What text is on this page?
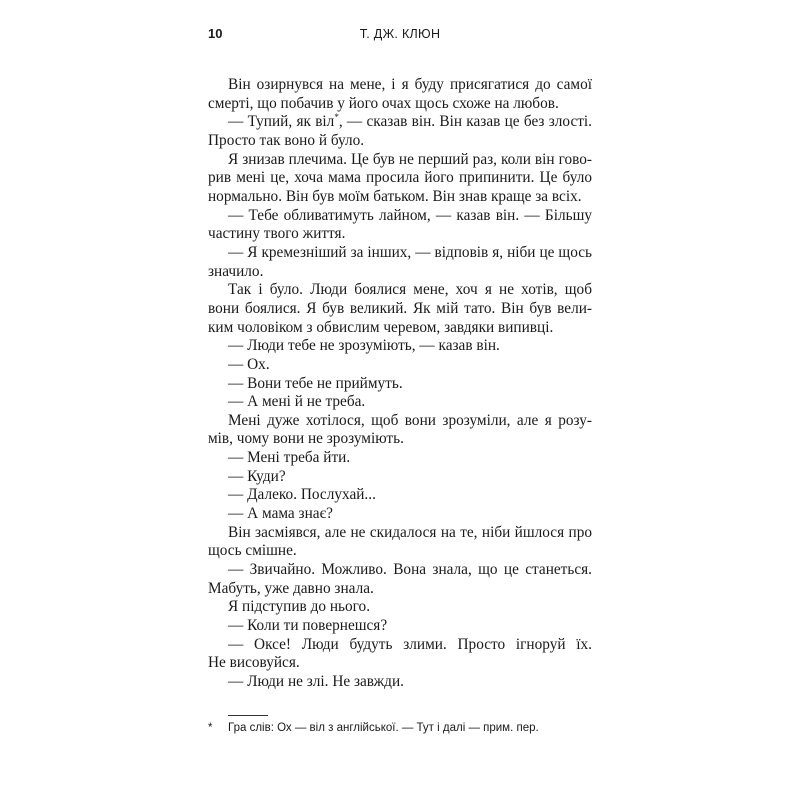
10	Т. ДЖ. КЛЮН
Він озирнувся на мене, і я буду присягатися до самої
смерті, що побачив у його очах щось схоже на любов.
— Тупий, як віл*, — сказав він. Він казав це без злості.
Просто так воно й було.
Я знизав плечима. Це був не перший раз, коли він гово-
рив мені це, хоча мама просила його припинити. Це було
нормально. Він був моїм батьком. Він знав краще за всіх.
— Тебе обливатимуть лайном, — казав він. — Більшу
частину твого життя.
— Я кремезніший за інших, — відповів я, ніби це щось
значило.
Так і було. Люди боялися мене, хоч я не хотів, щоб
вони боялися. Я був великий. Як мій тато. Він був вели-
ким чоловіком з обвислим черевом, завдяки випивці.
— Люди тебе не зрозуміють, — казав він.
— Ох.
— Вони тебе не приймуть.
— А мені й не треба.
Мені дуже хотілося, щоб вони зрозуміли, але я розу-
мів, чому вони не зрозуміють.
— Мені треба йти.
— Куди?
— Далеко. Послухай...
— А мама знає?
Він засміявся, але не скидалося на те, ніби йшлося про
щось смішне.
— Звичайно. Можливо. Вона знала, що це станеться.
Мабуть, уже давно знала.
Я підступив до нього.
— Коли ти повернешся?
— Оксе! Люди будуть злими. Просто ігноруй їх.
Не висовуйся.
— Люди не злі. Не завжди.
* Гра слів: Ох — віл з англійської. — Тут і далі — прим. пер.
